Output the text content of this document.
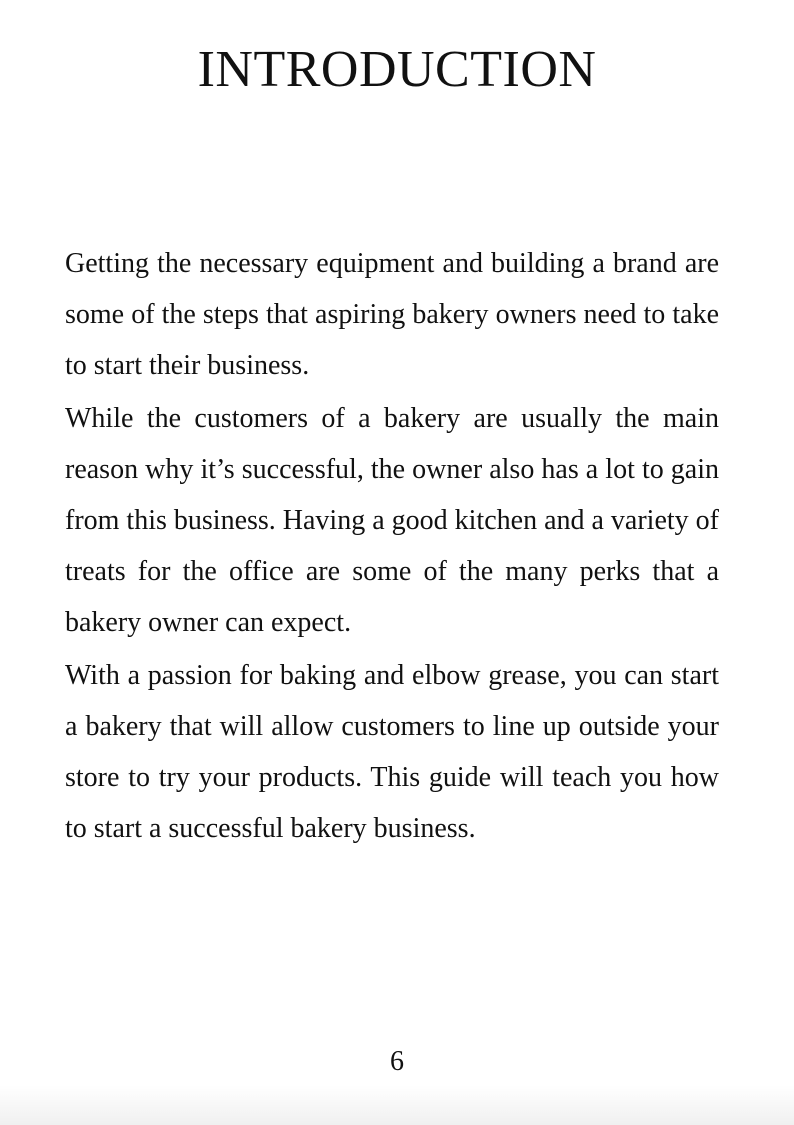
INTRODUCTION

Getting the necessary equipment and building a brand are some of the steps that aspiring bakery owners need to take to start their business.

While the customers of a bakery are usually the main reason why it’s successful, the owner also has a lot to gain from this business. Having a good kitchen and a variety of treats for the office are some of the many perks that a bakery owner can expect.

With a passion for baking and elbow grease, you can start a bakery that will allow customers to line up outside your store to try your products. This guide will teach you how to start a successful bakery business.

6
